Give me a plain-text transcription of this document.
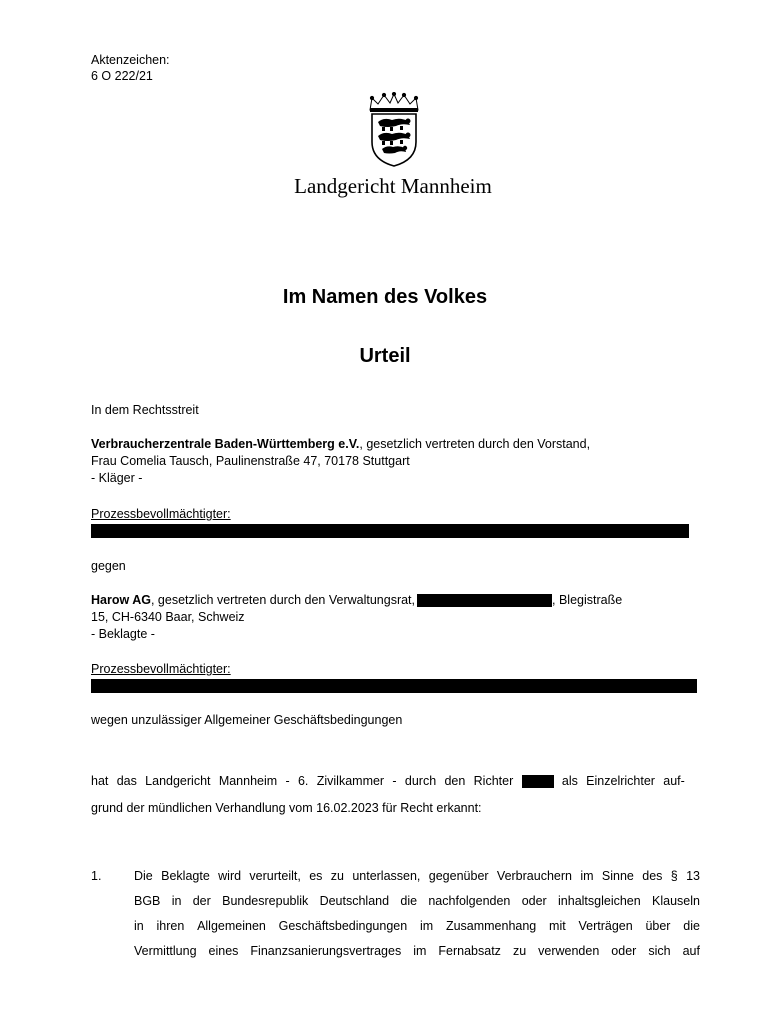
Aktenzeichen:
6 O 222/21
Landgericht Mannheim
Im Namen des Volkes
Urteil
In dem Rechtsstreit
Verbraucherzentrale Baden-Württemberg e.V., gesetzlich vertreten durch den Vorstand,
Frau Comelia Tausch, Paulinenstraße 47, 70178 Stuttgart
- Kläger -
Prozessbevollmächtigter:
gegen
Harow AG, gesetzlich vertreten durch den Verwaltungsrat,	, Blegistraße
15, CH-6340 Baar, Schweiz
- Beklagte -
Prozessbevollmächtigter:
wegen unzulässiger Allgemeiner Geschäftsbedingungen
hat das Landgericht Mannheim - 6. Zivilkammer - durch den Richter	als Einzelrichter auf-
grund der mündlichen Verhandlung vom 16.02.2023 für Recht erkannt:
1.	Die Beklagte wird verurteilt, es zu unterlassen, gegenüber Verbrauchern im Sinne des § 13
BGB in der Bundesrepublik Deutschland die nachfolgenden oder inhaltsgleichen Klauseln
in ihren Allgemeinen Geschäftsbedingungen im Zusammenhang mit Verträgen über die
Vermittlung eines Finanzsanierungsvertrages im Fernabsatz zu verwenden oder sich auf
